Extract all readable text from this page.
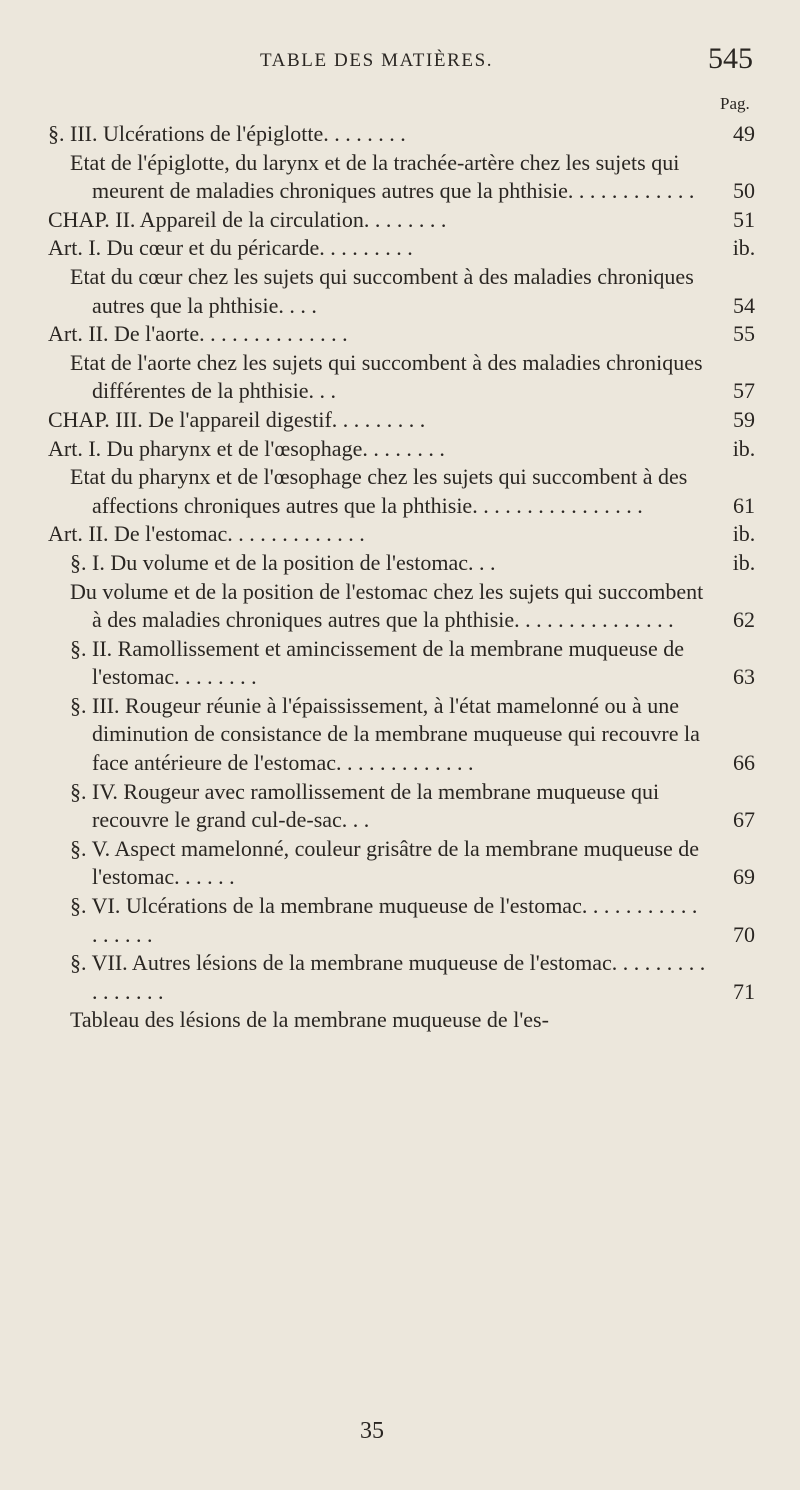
TABLE DES MATIÈRES.	545
Pag.
§. III. Ulcérations de l'épiglotte. . . . . . . .	49
Etat de l'épiglotte, du larynx et de la trachée-artère chez les sujets qui meurent de maladies chroniques autres que la phthisie. . . . . . . . . . . .	50
CHAP. II. Appareil de la circulation. . . . . . . .	51
Art. I. Du cœur et du péricarde. . . . . . . . .	ib.
Etat du cœur chez les sujets qui succombent à des maladies chroniques autres que la phthisie. . . .	54
Art. II. De l'aorte. . . . . . . . . . . . . .	55
Etat de l'aorte chez les sujets qui succombent à des maladies chroniques différentes de la phthisie. . .	57
CHAP. III. De l'appareil digestif. . . . . . . . .	59
Art. I. Du pharynx et de l'œsophage. . . . . . . .	ib.
Etat du pharynx et de l'œsophage chez les sujets qui succombent à des affections chroniques autres que la phthisie. . . . . . . . . . . . . . . .	61
Art. II. De l'estomac. . . . . . . . . . . . .	ib.
§. I. Du volume et de la position de l'estomac. . .	ib.
Du volume et de la position de l'estomac chez les sujets qui succombent à des maladies chroniques autres que la phthisie. . . . . . . . . . . . . . .	62
§. II. Ramollissement et amincissement de la membrane muqueuse de l'estomac. . . . . . . .	63
§. III. Rougeur réunie à l'épaississement, à l'état mamelonné ou à une diminution de consistance de la membrane muqueuse qui recouvre la face antérieure de l'estomac. . . . . . . . . . . . .	66
§. IV. Rougeur avec ramollissement de la membrane muqueuse qui recouvre le grand cul-de-sac. . .	67
§. V. Aspect mamelonné, couleur grisâtre de la membrane muqueuse de l'estomac. . . . . .	69
§. VI. Ulcérations de la membrane muqueuse de l'estomac. . . . . . . . . . . . . . . . .	70
§. VII. Autres lésions de la membrane muqueuse de l'estomac. . . . . . . . . . . . . . . .	71
Tableau des lésions de la membrane muqueuse de l'es-
35
